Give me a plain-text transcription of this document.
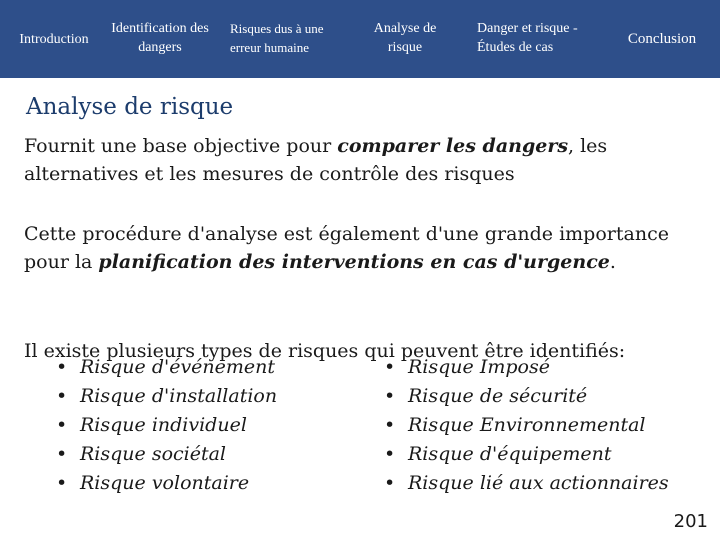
Introduction
Identification des dangers
Risques dus à une erreur humaine
Analyse de risque
Danger et risque - Études de cas
Conclusion
Analyse de risque

Fournit une base objective pour comparer les dangers, les alternatives et les mesures de contrôle des risques

Cette procédure d'analyse est également d'une grande importance pour la planification des interventions en cas d'urgence.

Il existe plusieurs types de risques qui peuvent être identifiés:

• Risque d'événement
• Risque d'installation
• Risque individuel
• Risque sociétal
• Risque volontaire
• Risque Imposé
• Risque de sécurité
• Risque Environnemental
• Risque d'équipement
• Risque lié aux actionnaires
201
